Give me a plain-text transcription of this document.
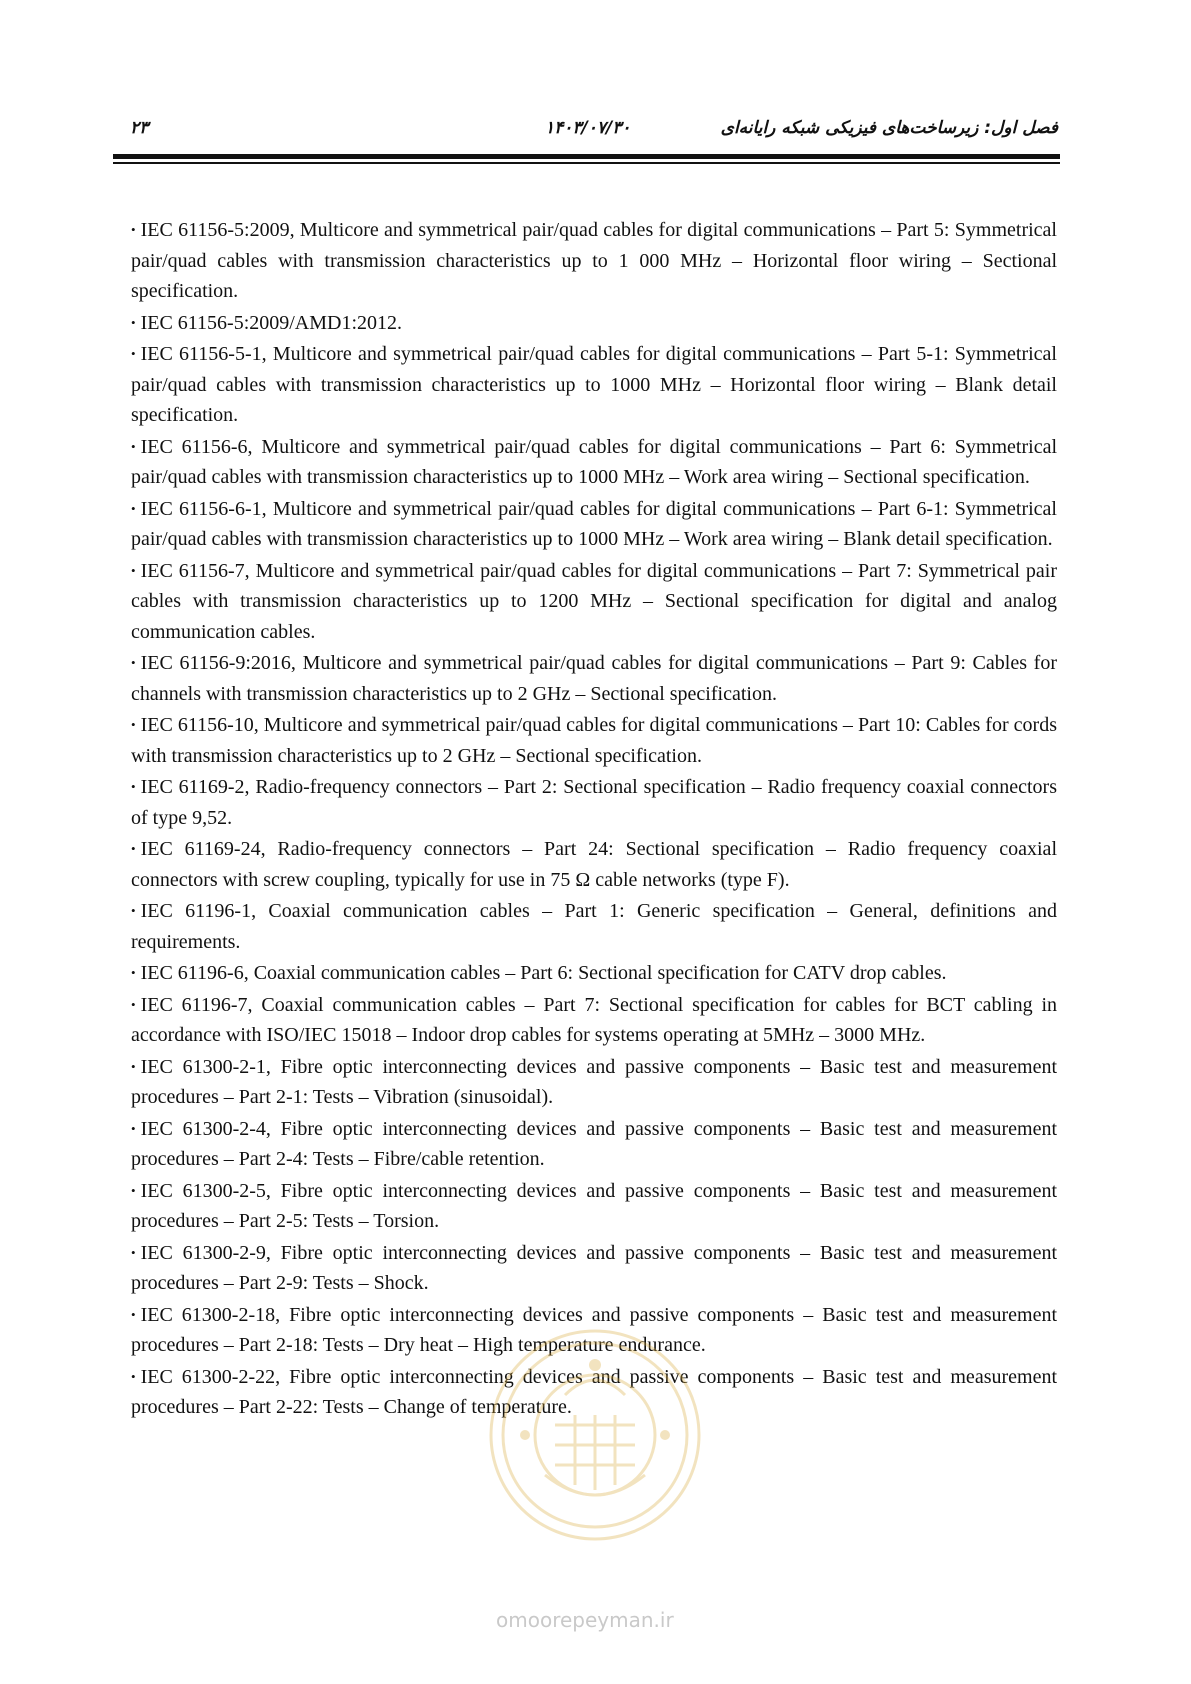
فصل اول: زیرساخت‌های فیزیکی شبکه رایانه‌ای
۱۴۰۳/۰۷/۳۰
۲۳

• IEC 61156-5:2009, Multicore and symmetrical pair/quad cables for digital communications – Part 5: Symmetrical pair/quad cables with transmission characteristics up to 1 000 MHz – Horizontal floor wiring – Sectional specification.

• IEC 61156-5:2009/AMD1:2012.

• IEC 61156-5-1, Multicore and symmetrical pair/quad cables for digital communications – Part 5-1: Symmetrical pair/quad cables with transmission characteristics up to 1000 MHz – Horizontal floor wiring – Blank detail specification.

• IEC 61156-6, Multicore and symmetrical pair/quad cables for digital communications – Part 6: Symmetrical pair/quad cables with transmission characteristics up to 1000 MHz – Work area wiring – Sectional specification.

• IEC 61156-6-1, Multicore and symmetrical pair/quad cables for digital communications – Part 6-1: Symmetrical pair/quad cables with transmission characteristics up to 1000 MHz – Work area wiring – Blank detail specification.

• IEC 61156-7, Multicore and symmetrical pair/quad cables for digital communications – Part 7: Symmetrical pair cables with transmission characteristics up to 1200 MHz – Sectional specification for digital and analog communication cables.

• IEC 61156-9:2016, Multicore and symmetrical pair/quad cables for digital communications – Part 9: Cables for channels with transmission characteristics up to 2 GHz – Sectional specification.

• IEC 61156-10, Multicore and symmetrical pair/quad cables for digital communications – Part 10: Cables for cords with transmission characteristics up to 2 GHz – Sectional specification.

• IEC 61169-2, Radio-frequency connectors – Part 2: Sectional specification – Radio frequency coaxial connectors of type 9,52.

• IEC 61169-24, Radio-frequency connectors – Part 24: Sectional specification – Radio frequency coaxial connectors with screw coupling, typically for use in 75 Ω cable networks (type F).

• IEC 61196-1, Coaxial communication cables – Part 1: Generic specification – General, definitions and requirements.

• IEC 61196-6, Coaxial communication cables – Part 6: Sectional specification for CATV drop cables.

• IEC 61196-7, Coaxial communication cables – Part 7: Sectional specification for cables for BCT cabling in accordance with ISO/IEC 15018 – Indoor drop cables for systems operating at 5MHz – 3000 MHz.

• IEC 61300-2-1, Fibre optic interconnecting devices and passive components – Basic test and measurement procedures – Part 2-1: Tests – Vibration (sinusoidal).

• IEC 61300-2-4, Fibre optic interconnecting devices and passive components – Basic test and measurement procedures – Part 2-4: Tests – Fibre/cable retention.

• IEC 61300-2-5, Fibre optic interconnecting devices and passive components – Basic test and measurement procedures – Part 2-5: Tests – Torsion.

• IEC 61300-2-9, Fibre optic interconnecting devices and passive components – Basic test and measurement procedures – Part 2-9: Tests – Shock.

• IEC 61300-2-18, Fibre optic interconnecting devices and passive components – Basic test and measurement procedures – Part 2-18: Tests – Dry heat – High temperature endurance.

• IEC 61300-2-22, Fibre optic interconnecting devices and passive components – Basic test and measurement procedures – Part 2-22: Tests – Change of temperature.

omoorepeyman.ir
